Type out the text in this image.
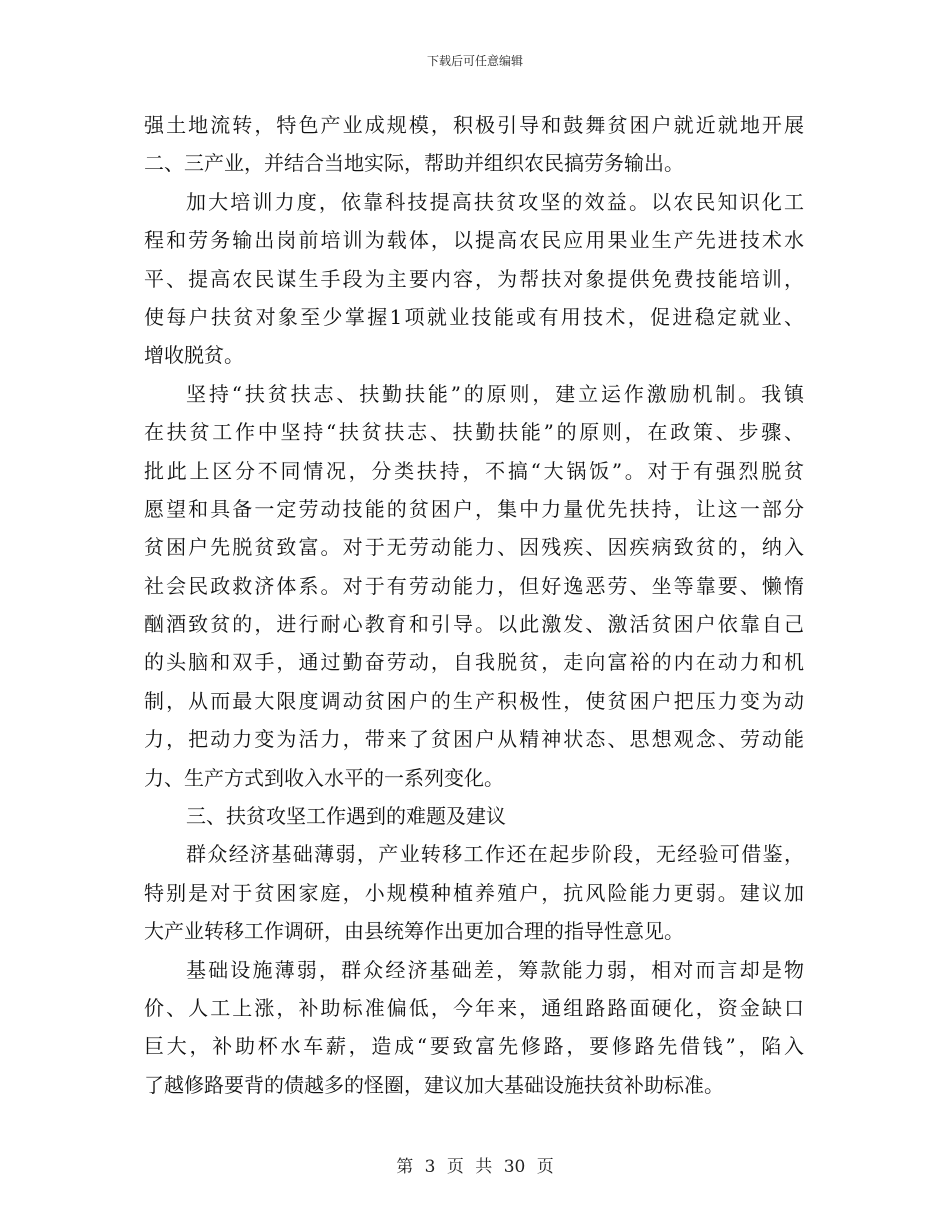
下载后可任意编辑
强土地流转，特色产业成规模，积极引导和鼓舞贫困户就近就地开展
二、三产业，并结合当地实际，帮助并组织农民搞劳务输出。
加大培训力度，依靠科技提高扶贫攻坚的效益。以农民知识化工
程和劳务输出岗前培训为载体，以提高农民应用果业生产先进技术水
平、提高农民谋生手段为主要内容，为帮扶对象提供免费技能培训，
使每户扶贫对象至少掌握1项就业技能或有用技术，促进稳定就业、
增收脱贫。
坚持“扶贫扶志、扶勤扶能”的原则，建立运作激励机制。我镇
在扶贫工作中坚持“扶贫扶志、扶勤扶能”的原则，在政策、步骤、
批此上区分不同情况，分类扶持，不搞“大锅饭”。对于有强烈脱贫
愿望和具备一定劳动技能的贫困户，集中力量优先扶持，让这一部分
贫困户先脱贫致富。对于无劳动能力、因残疾、因疾病致贫的，纳入
社会民政救济体系。对于有劳动能力，但好逸恶劳、坐等靠要、懒惰
酗酒致贫的，进行耐心教育和引导。以此激发、激活贫困户依靠自己
的头脑和双手，通过勤奋劳动，自我脱贫，走向富裕的内在动力和机
制，从而最大限度调动贫困户的生产积极性，使贫困户把压力变为动
力，把动力变为活力，带来了贫困户从精神状态、思想观念、劳动能
力、生产方式到收入水平的一系列变化。
三、扶贫攻坚工作遇到的难题及建议
群众经济基础薄弱，产业转移工作还在起步阶段，无经验可借鉴，
特别是对于贫困家庭，小规模种植养殖户，抗风险能力更弱。建议加
大产业转移工作调研，由县统筹作出更加合理的指导性意见。
基础设施薄弱，群众经济基础差，筹款能力弱，相对而言却是物
价、人工上涨，补助标准偏低，今年来，通组路路面硬化，资金缺口
巨大，补助杯水车薪，造成“要致富先修路，要修路先借钱”，陷入
了越修路要背的债越多的怪圈，建议加大基础设施扶贫补助标准。
第 3 页 共 30 页
